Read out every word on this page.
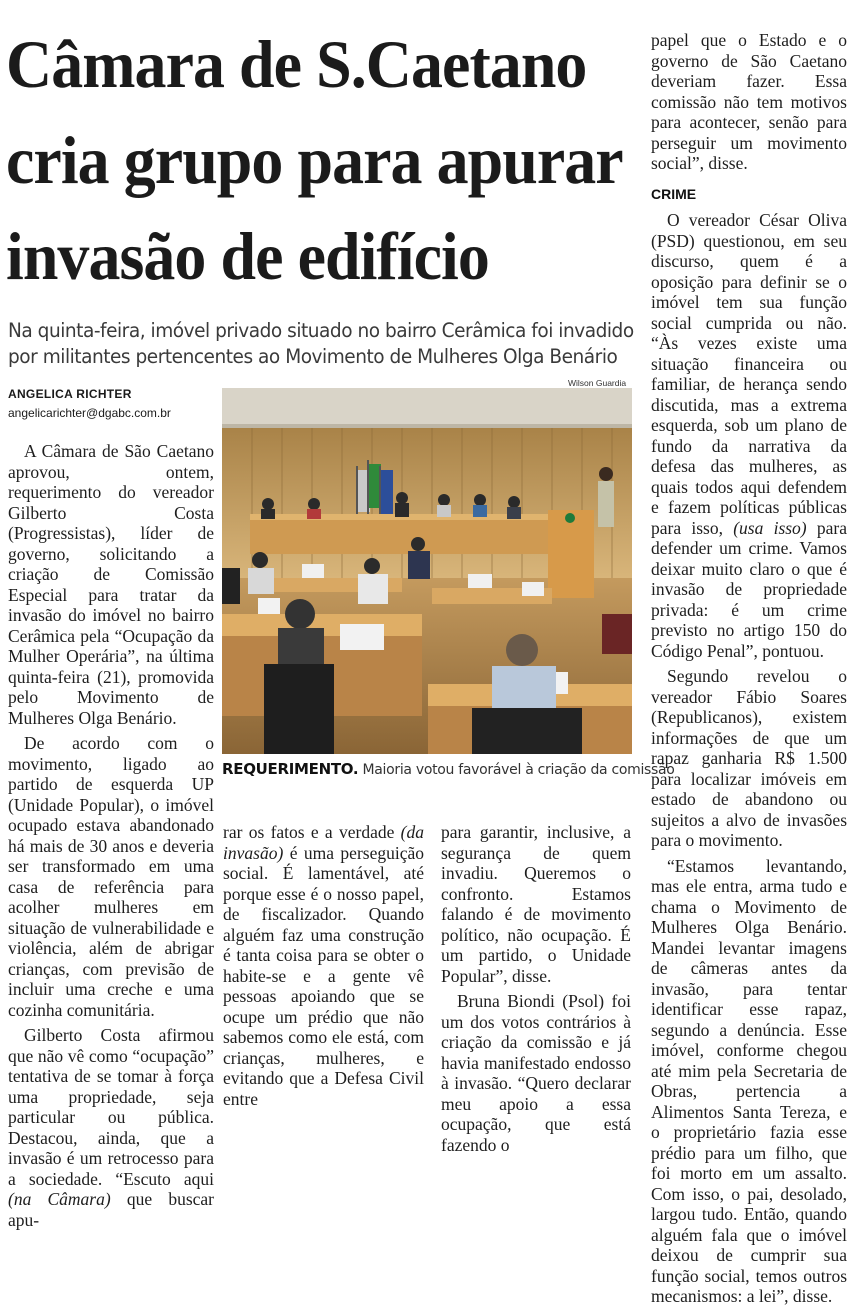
Câmara de S.Caetano
cria grupo para apurar
invasão de edifício
Na quinta-feira, imóvel privado situado no bairro Cerâmica foi invadido
por militantes pertencentes ao Movimento de Mulheres Olga Benário
ANGELICA RICHTER
angelicarichter@dgabc.com.br

A Câmara de São Caetano aprovou, ontem, requerimento do vereador Gilberto Costa (Progressistas), líder de governo, solicitando a criação de Comissão Especial para tratar da invasão do imóvel no bairro Cerâmica pela “Ocupação da Mulher Operária”, na última quinta-feira (21), promovida pelo Movimento de Mulheres Olga Benário.

De acordo com o movimento, ligado ao partido de esquerda UP (Unidade Popular), o imóvel ocupado estava abandonado há mais de 30 anos e deveria ser transformado em uma casa de referência para acolher mulheres em situação de vulnerabilidade e violência, além de abrigar crianças, com previsão de incluir uma creche e uma cozinha comunitária.

Gilberto Costa afirmou que não vê como “ocupação” tentativa de se tomar à força uma propriedade, seja particular ou pública. Destacou, ainda, que a invasão é um retrocesso para a sociedade. “Escuto aqui (na Câmara) que buscar apu-

Wilson Guardia
REQUERIMENTO. Maioria votou favorável à criação da comissão

rar os fatos e a verdade (da invasão) é uma perseguição social. É lamentável, até porque esse é o nosso papel, de fiscalizador. Quando alguém faz uma construção é tanta coisa para se obter o habite-se e a gente vê pessoas apoiando que se ocupe um prédio que não sabemos como ele está, com crianças, mulheres, e evitando que a Defesa Civil entre

para garantir, inclusive, a segurança de quem invadiu. Queremos o confronto. Estamos falando é de movimento político, não ocupação. É um partido, o Unidade Popular”, disse.

Bruna Biondi (Psol) foi um dos votos contrários à criação da comissão e já havia manifestado endosso à invasão. “Quero declarar meu apoio a essa ocupação, que está fazendo o

papel que o Estado e o governo de São Caetano deveriam fazer. Essa comissão não tem motivos para acontecer, senão para perseguir um movimento social”, disse.

CRIME

O vereador César Oliva (PSD) questionou, em seu discurso, quem é a oposição para definir se o imóvel tem sua função social cumprida ou não. “Às vezes existe uma situação financeira ou familiar, de herança sendo discutida, mas a extrema esquerda, sob um plano de fundo da narrativa da defesa das mulheres, as quais todos aqui defendem e fazem políticas públicas para isso, (usa isso) para defender um crime. Vamos deixar muito claro o que é invasão de propriedade privada: é um crime previsto no artigo 150 do Código Penal”, pontuou.

Segundo revelou o vereador Fábio Soares (Republicanos), existem informações de que um rapaz ganharia R$ 1.500 para localizar imóveis em estado de abandono ou sujeitos a alvo de invasões para o movimento.

“Estamos levantando, mas ele entra, arma tudo e chama o Movimento de Mulheres Olga Benário. Mandei levantar imagens de câmeras antes da invasão, para tentar identificar esse rapaz, segundo a denúncia. Esse imóvel, conforme chegou até mim pela Secretaria de Obras, pertencia a Alimentos Santa Tereza, e o proprietário fazia esse prédio para um filho, que foi morto em um assalto. Com isso, o pai, desolado, largou tudo. Então, quando alguém fala que o imóvel deixou de cumprir sua função social, temos outros mecanismos: a lei”, disse.
